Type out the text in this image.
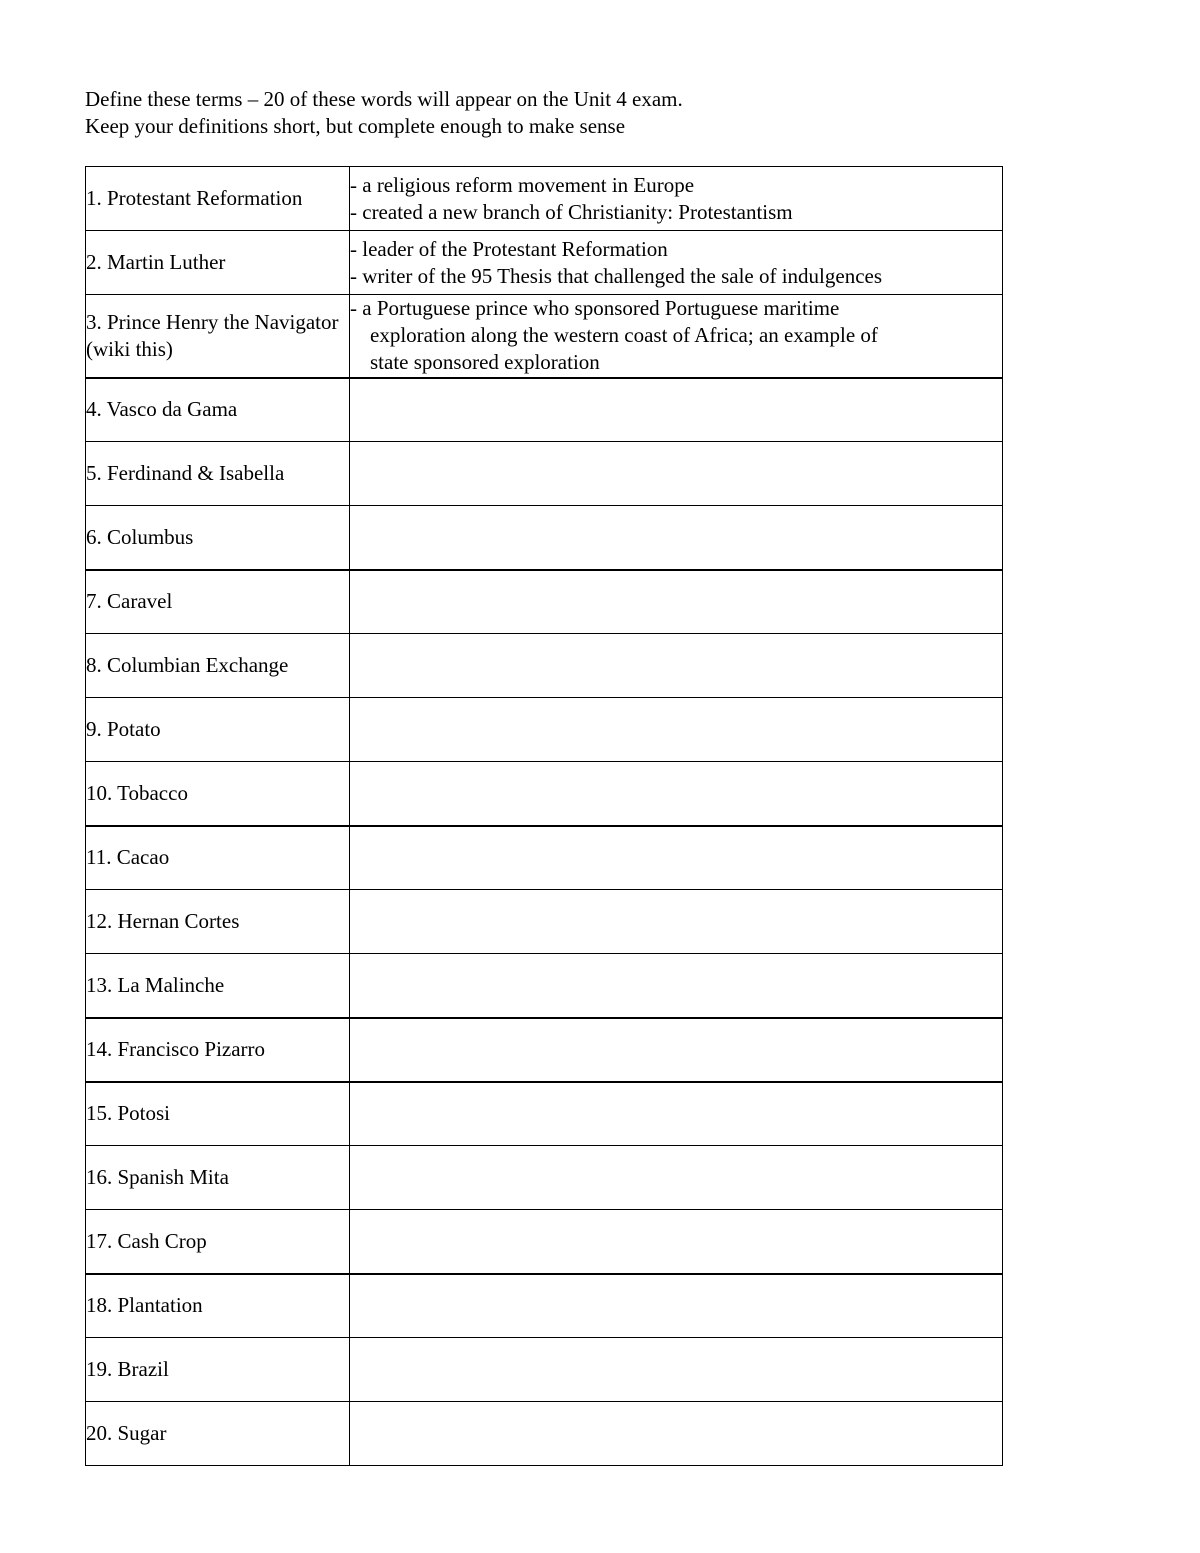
Define these terms – 20 of these words will appear on the Unit 4 exam.
Keep your definitions short, but complete enough to make sense
1. Protestant Reformation	- a religious reform movement in Europe
- created a new branch of Christianity: Protestantism

2. Martin Luther	- leader of the Protestant Reformation
- writer of the 95 Thesis that challenged the sale of indulgences

3. Prince Henry the Navigator (wiki this)	- a Portuguese prince who sponsored Portuguese maritime
exploration along the western coast of Africa; an example of
state sponsored exploration

4. Vasco da Gama	
5. Ferdinand & Isabella	
6. Columbus	
7. Caravel	
8. Columbian Exchange	
9. Potato	
10. Tobacco	
11. Cacao	
12. Hernan Cortes	
13. La Malinche	
14. Francisco Pizarro	
15. Potosi	
16. Spanish Mita	
17. Cash Crop	
18. Plantation	
19. Brazil	
20. Sugar	
